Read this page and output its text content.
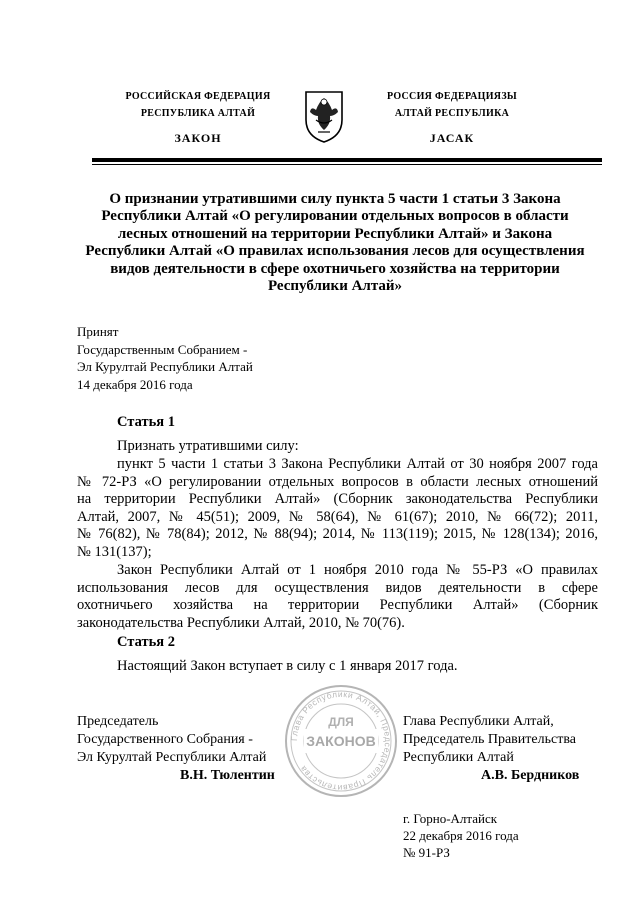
РОССИЙСКАЯ ФЕДЕРАЦИЯ
РЕСПУБЛИКА АЛТАЙ
ЗАКОН
РОССИЯ ФЕДЕРАЦИЯЗЫ
АЛТАЙ РЕСПУБЛИКА
JАСАК
О признании утратившими силу пункта 5 части 1 статьи 3 Закона
Республики Алтай «О регулировании отдельных вопросов в области
лесных отношений на территории Республики Алтай» и Закона
Республики Алтай «О правилах использования лесов для осуществления
видов деятельности в сфере охотничьего хозяйства на территории
Республики Алтай»
Принят
Государственным Собранием -
Эл Курултай Республики Алтай
14 декабря 2016 года
Статья 1
Признать утратившими силу:
пункт 5 части 1 статьи 3 Закона Республики Алтай от 30 ноября 2007 года
№ 72-РЗ «О регулировании отдельных вопросов в области лесных отношений
на территории Республики Алтай» (Сборник законодательства Республики
Алтай, 2007, № 45(51); 2009, № 58(64), № 61(67); 2010, № 66(72); 2011,
№ 76(82), № 78(84); 2012, № 88(94); 2014, № 113(119); 2015, № 128(134); 2016,
№ 131(137);
Закон Республики Алтай от 1 ноября 2010 года № 55-РЗ «О правилах
использования лесов для осуществления видов деятельности в сфере
охотничьего хозяйства на территории Республики Алтай» (Сборник
законодательства Республики Алтай, 2010, № 70(76).
Статья 2
Настоящий Закон вступает в силу с 1 января 2017 года.
Глава Республики Алтай, Председатель Правительства
ДЛЯ
ЗАКОНОВ
Председатель
Государственного Собрания -
Эл Курултай Республики Алтай
В.Н. Тюлентин
Глава Республики Алтай,
Председатель Правительства
Республики Алтай
А.В. Бердников
г. Горно-Алтайск
22 декабря 2016 года
№ 91-РЗ
